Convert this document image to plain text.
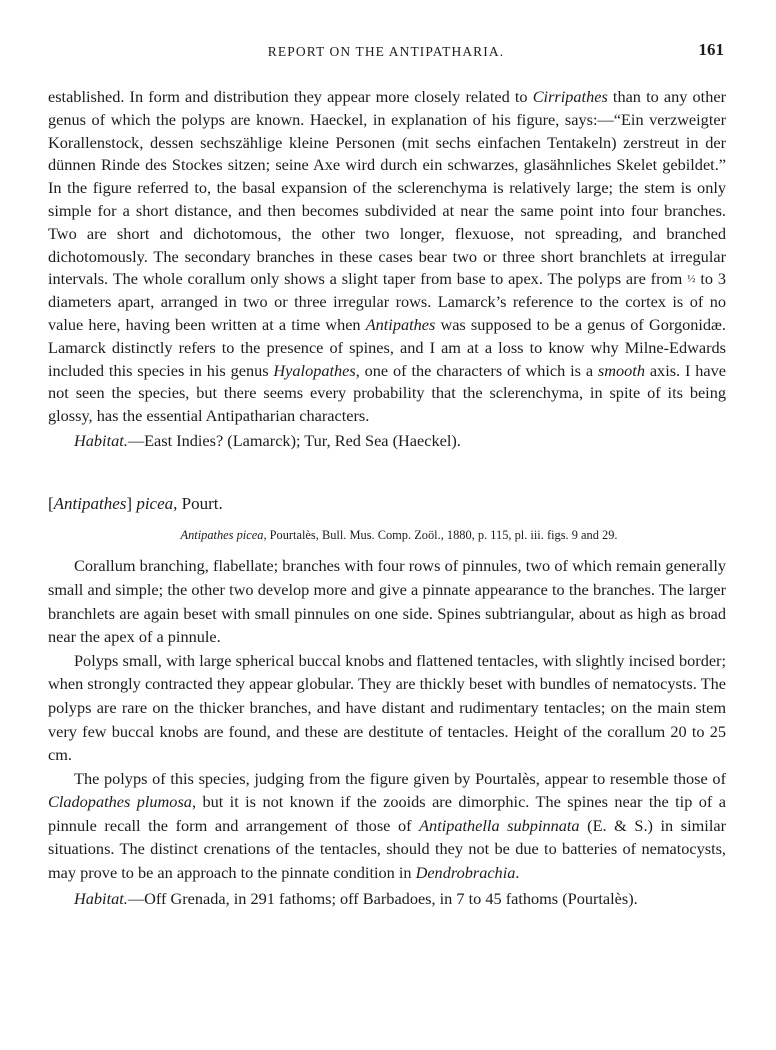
REPORT ON THE ANTIPATHARIA.	161

established. In form and distribution they appear more closely related to Cirripathes than to any other genus of which the polyps are known. Haeckel, in explanation of his figure, says:—“Ein verzweigter Korallenstock, dessen sechszählige kleine Personen (mit sechs einfachen Tentakeln) zerstreut in der dünnen Rinde des Stockes sitzen; seine Axe wird durch ein schwarzes, glasähnliches Skelet gebildet.” In the figure referred to, the basal expansion of the sclerenchyma is relatively large; the stem is only simple for a short distance, and then becomes subdivided at near the same point into four branches. Two are short and dichotomous, the other two longer, flexuose, not spreading, and branched dichotomously. The secondary branches in these cases bear two or three short branchlets at irregular intervals. The whole corallum only shows a slight taper from base to apex. The polyps are from ½ to 3 diameters apart, arranged in two or three irregular rows. Lamarck’s reference to the cortex is of no value here, having been written at a time when Antipathes was supposed to be a genus of Gorgonidæ. Lamarck distinctly refers to the presence of spines, and I am at a loss to know why Milne-Edwards included this species in his genus Hyalopathes, one of the characters of which is a smooth axis. I have not seen the species, but there seems every probability that the sclerenchyma, in spite of its being glossy, has the essential Antipatharian characters.

Habitat.—East Indies? (Lamarck); Tur, Red Sea (Haeckel).

[Antipathes] picea, Pourt.

Antipathes picea, Pourtalès, Bull. Mus. Comp. Zoöl., 1880, p. 115, pl. iii. figs. 9 and 29.

Corallum branching, flabellate; branches with four rows of pinnules, two of which remain generally small and simple; the other two develop more and give a pinnate appearance to the branches. The larger branchlets are again beset with small pinnules on one side. Spines subtriangular, about as high as broad near the apex of a pinnule.

Polyps small, with large spherical buccal knobs and flattened tentacles, with slightly incised border; when strongly contracted they appear globular. They are thickly beset with bundles of nematocysts. The polyps are rare on the thicker branches, and have distant and rudimentary tentacles; on the main stem very few buccal knobs are found, and these are destitute of tentacles. Height of the corallum 20 to 25 cm.

The polyps of this species, judging from the figure given by Pourtalès, appear to resemble those of Cladopathes plumosa, but it is not known if the zooids are dimorphic. The spines near the tip of a pinnule recall the form and arrangement of those of Antipathella subpinnata (E. & S.) in similar situations. The distinct crenations of the tentacles, should they not be due to batteries of nematocysts, may prove to be an approach to the pinnate condition in Dendrobrachia.

Habitat.—Off Grenada, in 291 fathoms; off Barbadoes, in 7 to 45 fathoms (Pourtalès).
